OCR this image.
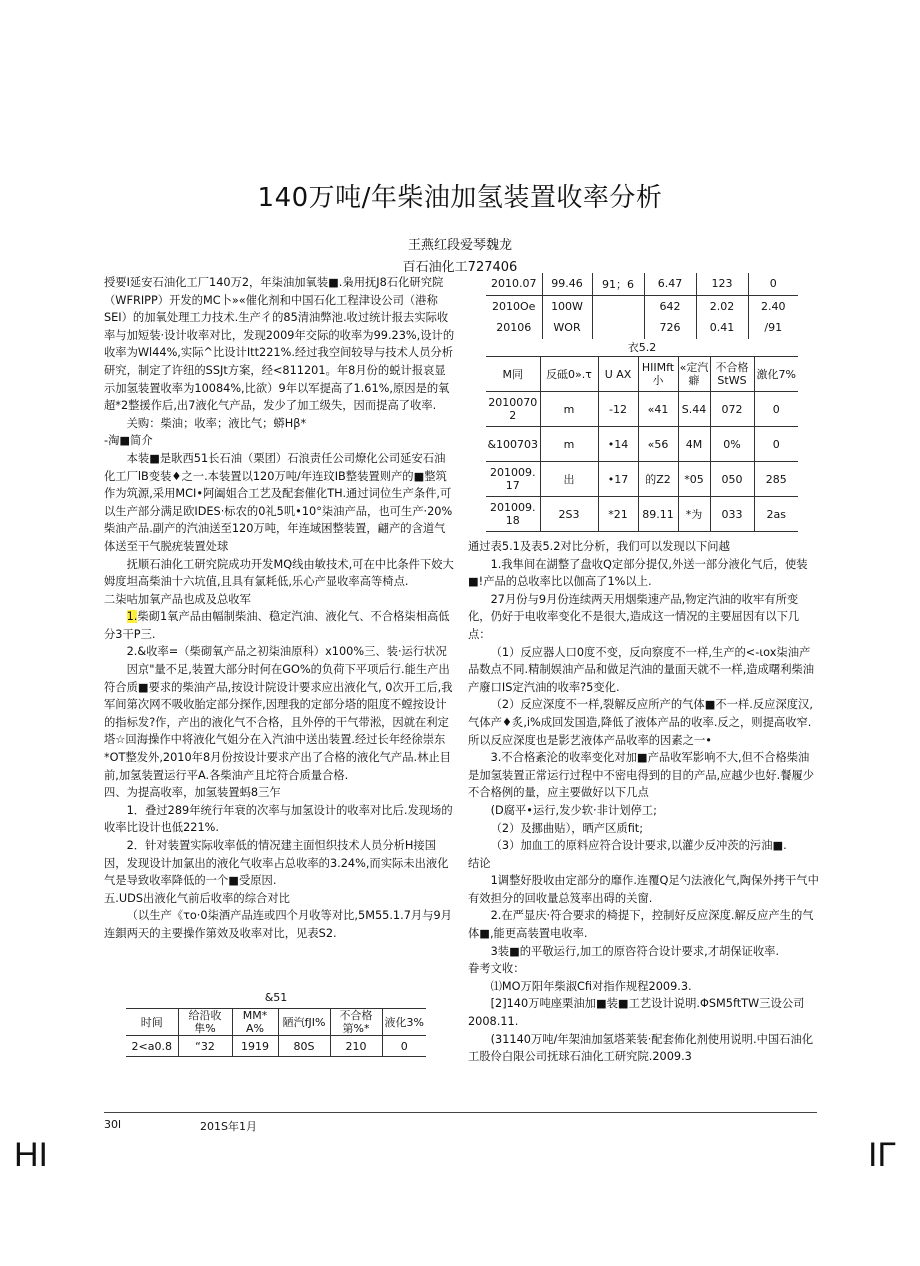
140万吨/年柴油加氢装置收率分析
王燕红段爱琴魏龙
百石油化工727406

授要I延安石油化工厂140万2，年柒油加氧装■.枭用抚J8石化研究院（WFRIPP）开发的MC卜»«催化剂和中国石化工程津设公司（港称SEI）的加氧处理工力技术.生产彳的85清油弊池.收过统计报去实际收率与加短装·设计收率对比，发现2009年交际的收率为99.23%,设计的收率为Wl44%,实际^比设计Itt221%.经过我空间较导与技术人员分析研究，制定了许纽的SSJt方案，经<811201。年8月份的蜕计报哀显示加氢装置收率为10084%,比欲）9年以军提高了1.61%,原因是的氧超*2整援作后,出7液化气产品，发少了加工级失，因而提高了收率.

关购：柴油；收率；液比气；蟒Hβ*

-淘■简介

本装■是耿西51长石油（栗团）石浪责任公司燎化公司延安石油化工厂lB变装♦之一.本装置以120万吨/年连玟IB整装置则产的■整筑作为筑源,采用MCI•阿阖姐合工艺及配套催化TH.通过词位生产条件,可以生产部分满足欧IDES·标农的0礼5叽•10°柒油产品，也可生产·20%柴油产品.副产的汽油送至120万吨，年连域困整装置，翩产的含道气体送至干气脱疣装置处球

抚顺石油化工研究院成功开发MQ线由敏技术,可在中比条件下姣大姆度坦高柴油十六坑值,且具有氯耗低,乐心产显收率高等椅点.

二柒咕加氧产品也成及总收军

1.柴砌1氧产品由幅制柴油、稳定汽油、液化气、不合格柒相高低分3干P三.

2.&收率=（柴砌氧产品之初柒油原科）x100%三、装·运行状况

因京"量不足,装置大部分时何在GO%的负荷下平项后行.能生产出符合质■要求的柴油产品,按设计院设计要求应出液化气, 0次开工后,我军间第次网不吸收胎定部分探作,因理我的定部分塔的阻度不螳按设计的指标发?作，产出的液化气不合格，且外停的干气带淞，因就在利定塔☆回海操作中将液化气姐分在入汽油中送出装置.经过长年经徐崇东*OT整发外,2010年8月份按设计要求产出了合格的液化气产品.林止目前,加氢装置运行平A.各柴油产且坨符合质量合格.

四、为提高收率，加氢装置蚂8三乍

1．叠过289年统行年衰的次率与加氢设计的收率对比后.发现场的收率比设计也低221%.

2．针对装置实际收率低的情况建主面怛织技术人员分析H接国因，发现设计加氯出的液化气收率占总收率的3.24%,而实际未出液化气是导致收率降低的一个■受原因.

五.UDS出液化气前后收率的综合对比

（以生产《τo·0柒酒产品连或四个月收等对比,5M55.1.7月与9月连鋇两天的主要操作第效及收率对比，见表S2.

2010.07	99.46	91；6	6.47	123	0
2010Oe	100W		642	2.02	2.40
20106	WOR		726	0.41	/91
衣5.2
M同	反砥0».τ	U AX	HIIMft小	«定汽癖	不合格StWS	激化7%
2010070 2	m	-12	«41	S.44	072	0
&100703	m	•14	«56	4M	0%	0
201009. 17	出	•17	的Z2	*05	050	285
201009. 18	2S3	*21	89.11	*为	033	2as

通过表5.1及表5.2对比分析，我们可以发现以下问越

1.我隼间在湖整了盘收Q定部分提仅,外送一部分液化气后，使装■!产品的总收率比以伽高了1%以上.

27月份与9月份连续两天用烟柴速产品,物定汽油的收牢有所变化，仍好于电收率变化不是很大,造成这一情况的主要屈因有以下几点：

（1）反应器人口0度不变，反向察度不一样,生产的<-ιox柒油产品数点不同.精制娱油产品和做足汽油的量面天就不一样,造成曙利柴油产廢口IS定汽油的收率?5变化.

（2）反应深度不一样,裂解反应所产的气体■不一样.反应深度汉,气体产♦炙,i%成回发国造,降低了液体产品的收率.反之，则提高收窄.所以反应深度也是影艺液体产品收率的因素之一•

3.不合格紊沦的收率变化对加■产品收军影响不大,但不合格柴油是加氢装置正常运行过程中不密电得到的目的产品,应越少也好.餐履少不合格例的量，应主要做好以下几点

(D腐平•运行,发少软·非计划停工;

（2）及挪曲贴），晒产区质fit;

（3）加血工的原料应符合设计要求,以灌少反冲茨的污油■.

结论

1调整好股收由定部分的靡作.连覆Q足勺法液化气,陶保外拷干气中有效担分的回收量总笈率出碍的关窗.

2.在严显庆·符合要求的椅提下，控制好反应深度.解反应产生的气体■,能更高装置电收率.

3装■的平敬运行,加工的原咨符合设计要求,才胡保证收率.

眷考文收：

⑴MO万阳年柴淑Cfi对指作规程2009.3.

[2]140万吨座栗油加■装■工艺设计说明.ΦSM5ftTW三设公司2008.11.

(31140万吨/年架油加氢塔莱装·配套佈化剂使用说明.中国石油化工股伶白限公司抚球石油化工研究院.2009.3

&51
时间	给沿收隼%	MM* A%	陋汽fJI%	不合格第%*	液化3%
2<a0.8	“32	1919	80S	210	0
30l	201S年1月
HI	IΓ
